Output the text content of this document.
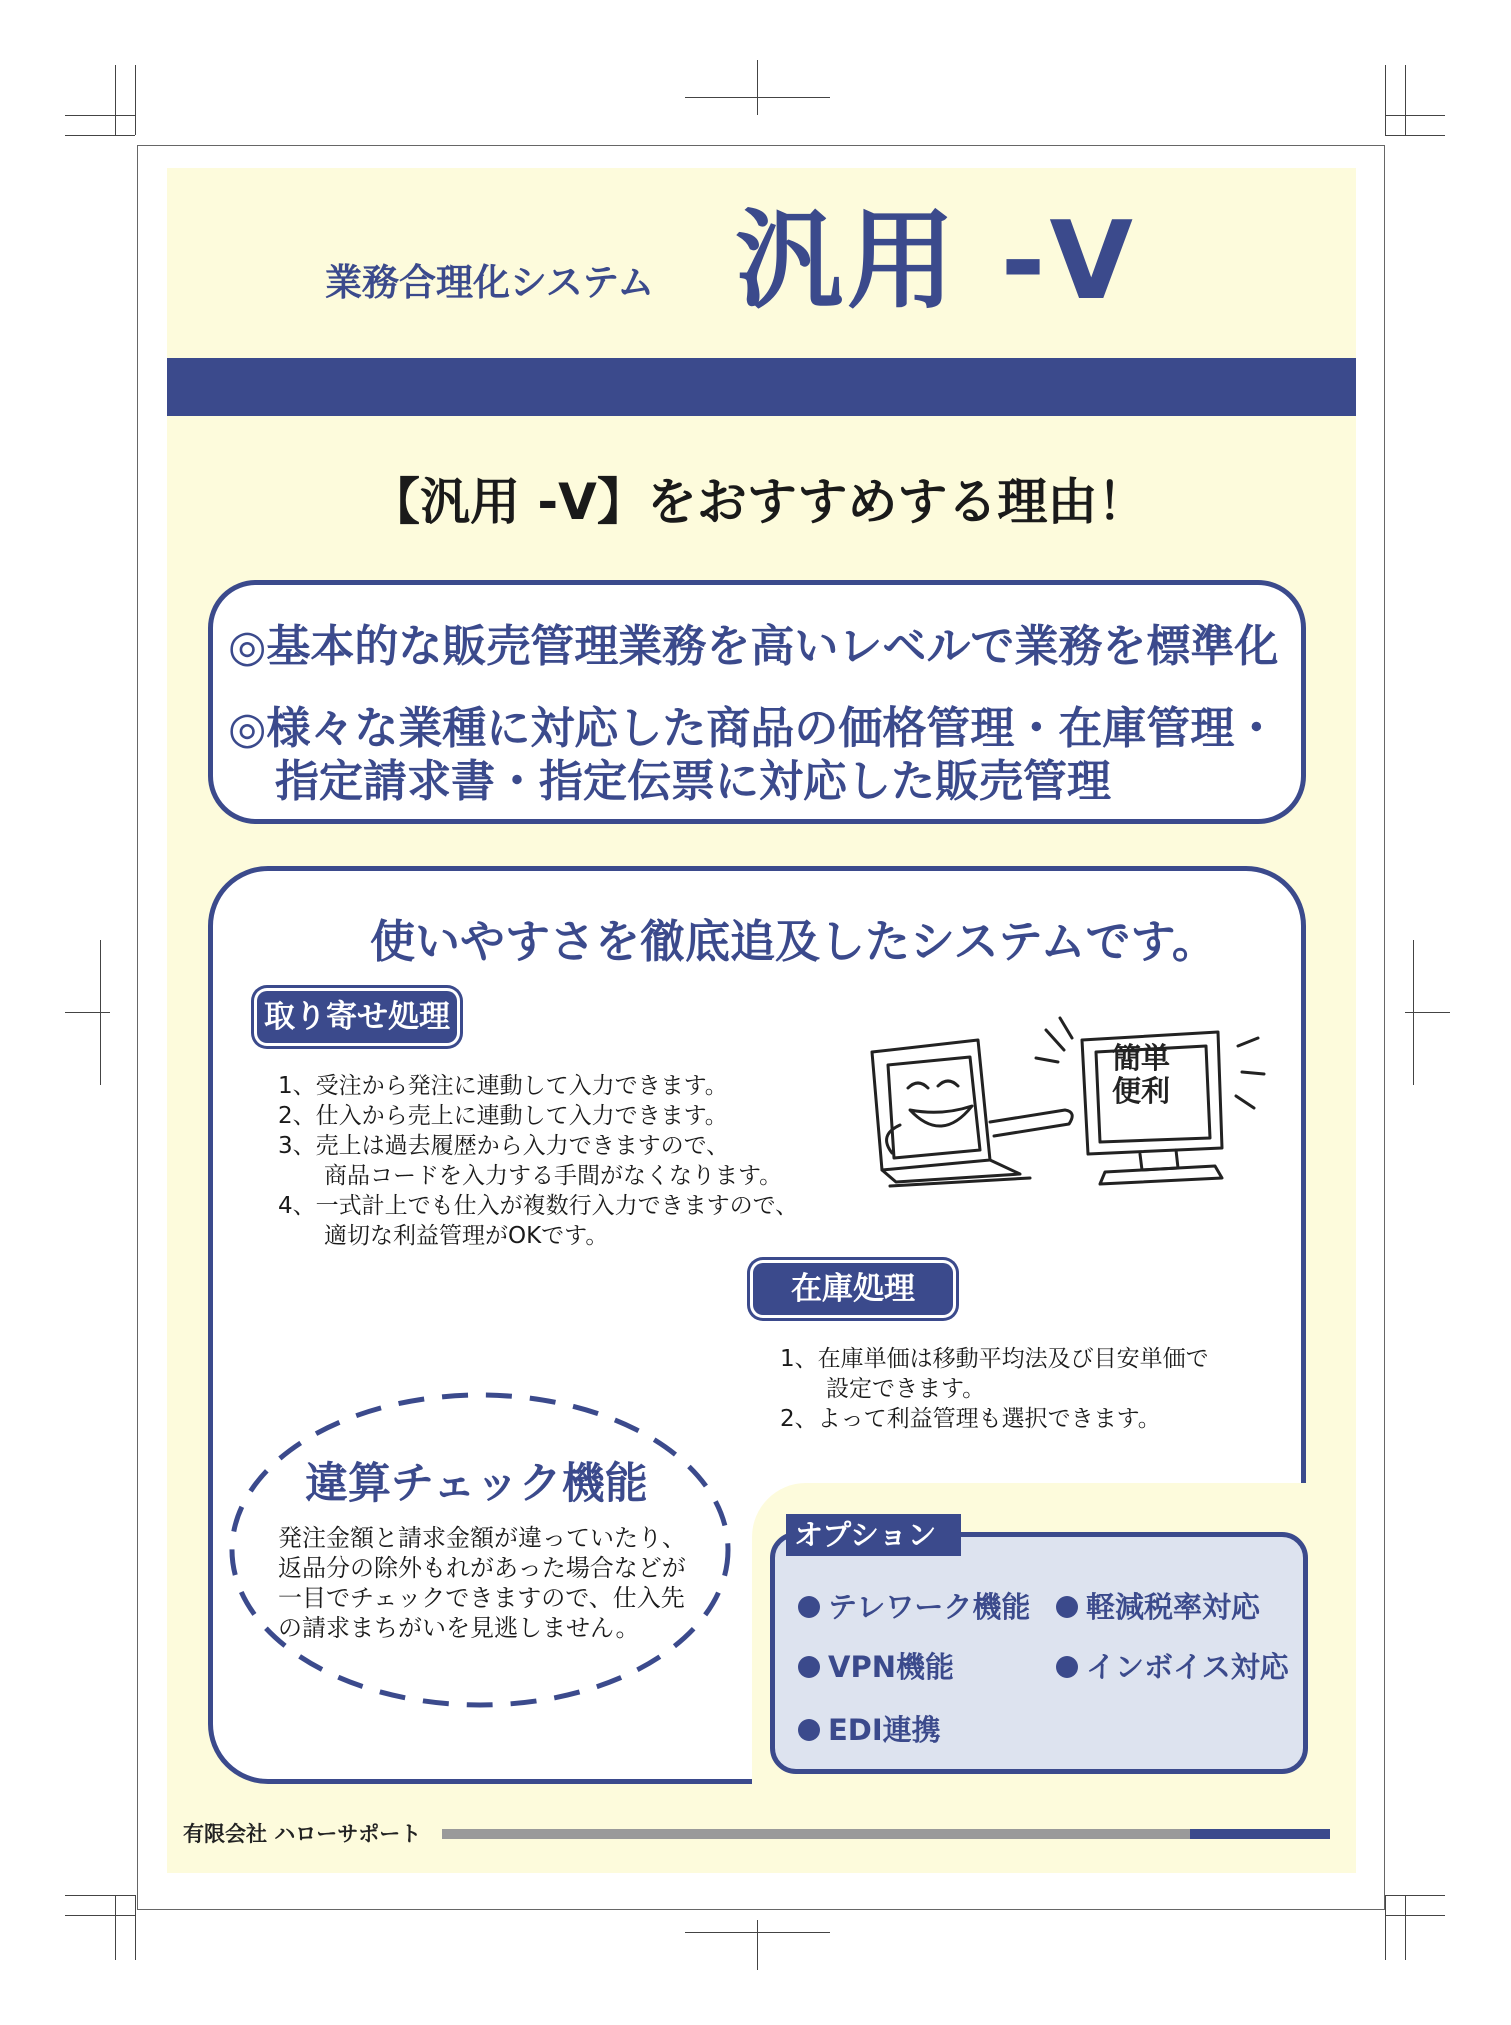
業務合理化システム 汎用 -V
【汎用 -V】をおすすめする理由！
◎基本的な販売管理業務を高いレベルで業務を標準化
◎様々な業種に対応した商品の価格管理・在庫管理・
指定請求書・指定伝票に対応した販売管理
使いやすさを徹底追及したシステムです。
取り寄せ処理
1、受注から発注に連動して入力できます。
2、仕入から売上に連動して入力できます。
3、売上は過去履歴から入力できますので、
　　商品コードを入力する手間がなくなります。
4、一式計上でも仕入が複数行入力できますので、
　　適切な利益管理がOKです。
簡単
便利
在庫処理
1、在庫単価は移動平均法及び目安単価で
　　設定できます。
2、よって利益管理も選択できます。
オプション
テレワーク機能	軽減税率対応
VPN機能	インボイス対応
EDI連携
違算チェック機能
発注金額と請求金額が違っていたり、
返品分の除外もれがあった場合などが
一目でチェックできますので、仕入先
の請求まちがいを見逃しません。
有限会社 ハローサポート
